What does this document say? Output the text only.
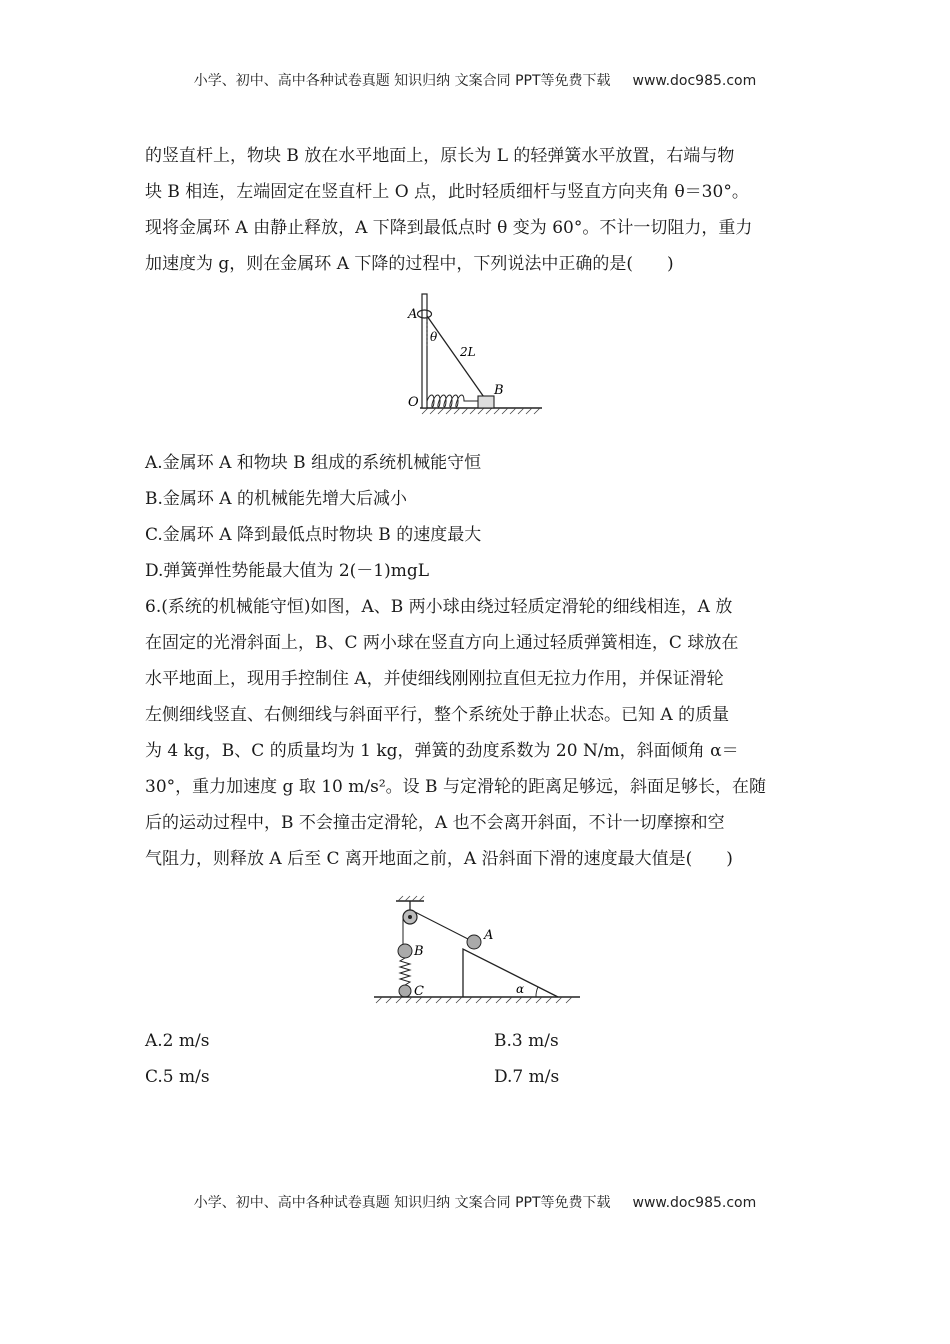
小学、初中、高中各种试卷真题 知识归纳 文案合同 PPT等免费下载 www.doc985.com
的竖直杆上，物块 B 放在水平地面上，原长为 L 的轻弹簧水平放置，右端与物
块 B 相连，左端固定在竖直杆上 O 点，此时轻质细杆与竖直方向夹角 θ＝30°。
现将金属环 A 由静止释放，A 下降到最低点时 θ 变为 60°。不计一切阻力，重力
加速度为 g，则在金属环 A 下降的过程中，下列说法中正确的是(　　)
A
θ
2L
B
O
A.金属环 A 和物块 B 组成的系统机械能守恒
B.金属环 A 的机械能先增大后减小
C.金属环 A 降到最低点时物块 B 的速度最大
D.弹簧弹性势能最大值为 2(－1)mgL
6.(系统的机械能守恒)如图，A、B 两小球由绕过轻质定滑轮的细线相连，A 放
在固定的光滑斜面上，B、C 两小球在竖直方向上通过轻质弹簧相连，C 球放在
水平地面上，现用手控制住 A，并使细线刚刚拉直但无拉力作用，并保证滑轮
左侧细线竖直、右侧细线与斜面平行，整个系统处于静止状态。已知 A 的质量
为 4 kg，B、C 的质量均为 1 kg，弹簧的劲度系数为 20 N/m，斜面倾角 α＝
30°，重力加速度 g 取 10 m/s²。设 B 与定滑轮的距离足够远，斜面足够长，在随
后的运动过程中，B 不会撞击定滑轮，A 也不会离开斜面，不计一切摩擦和空
气阻力，则释放 A 后至 C 离开地面之前，A 沿斜面下滑的速度最大值是(　　)
A
B
C	α
A.2 m/s
C.5 m/s
B.3 m/s
D.7 m/s
小学、初中、高中各种试卷真题 知识归纳 文案合同 PPT等免费下载 www.doc985.com
